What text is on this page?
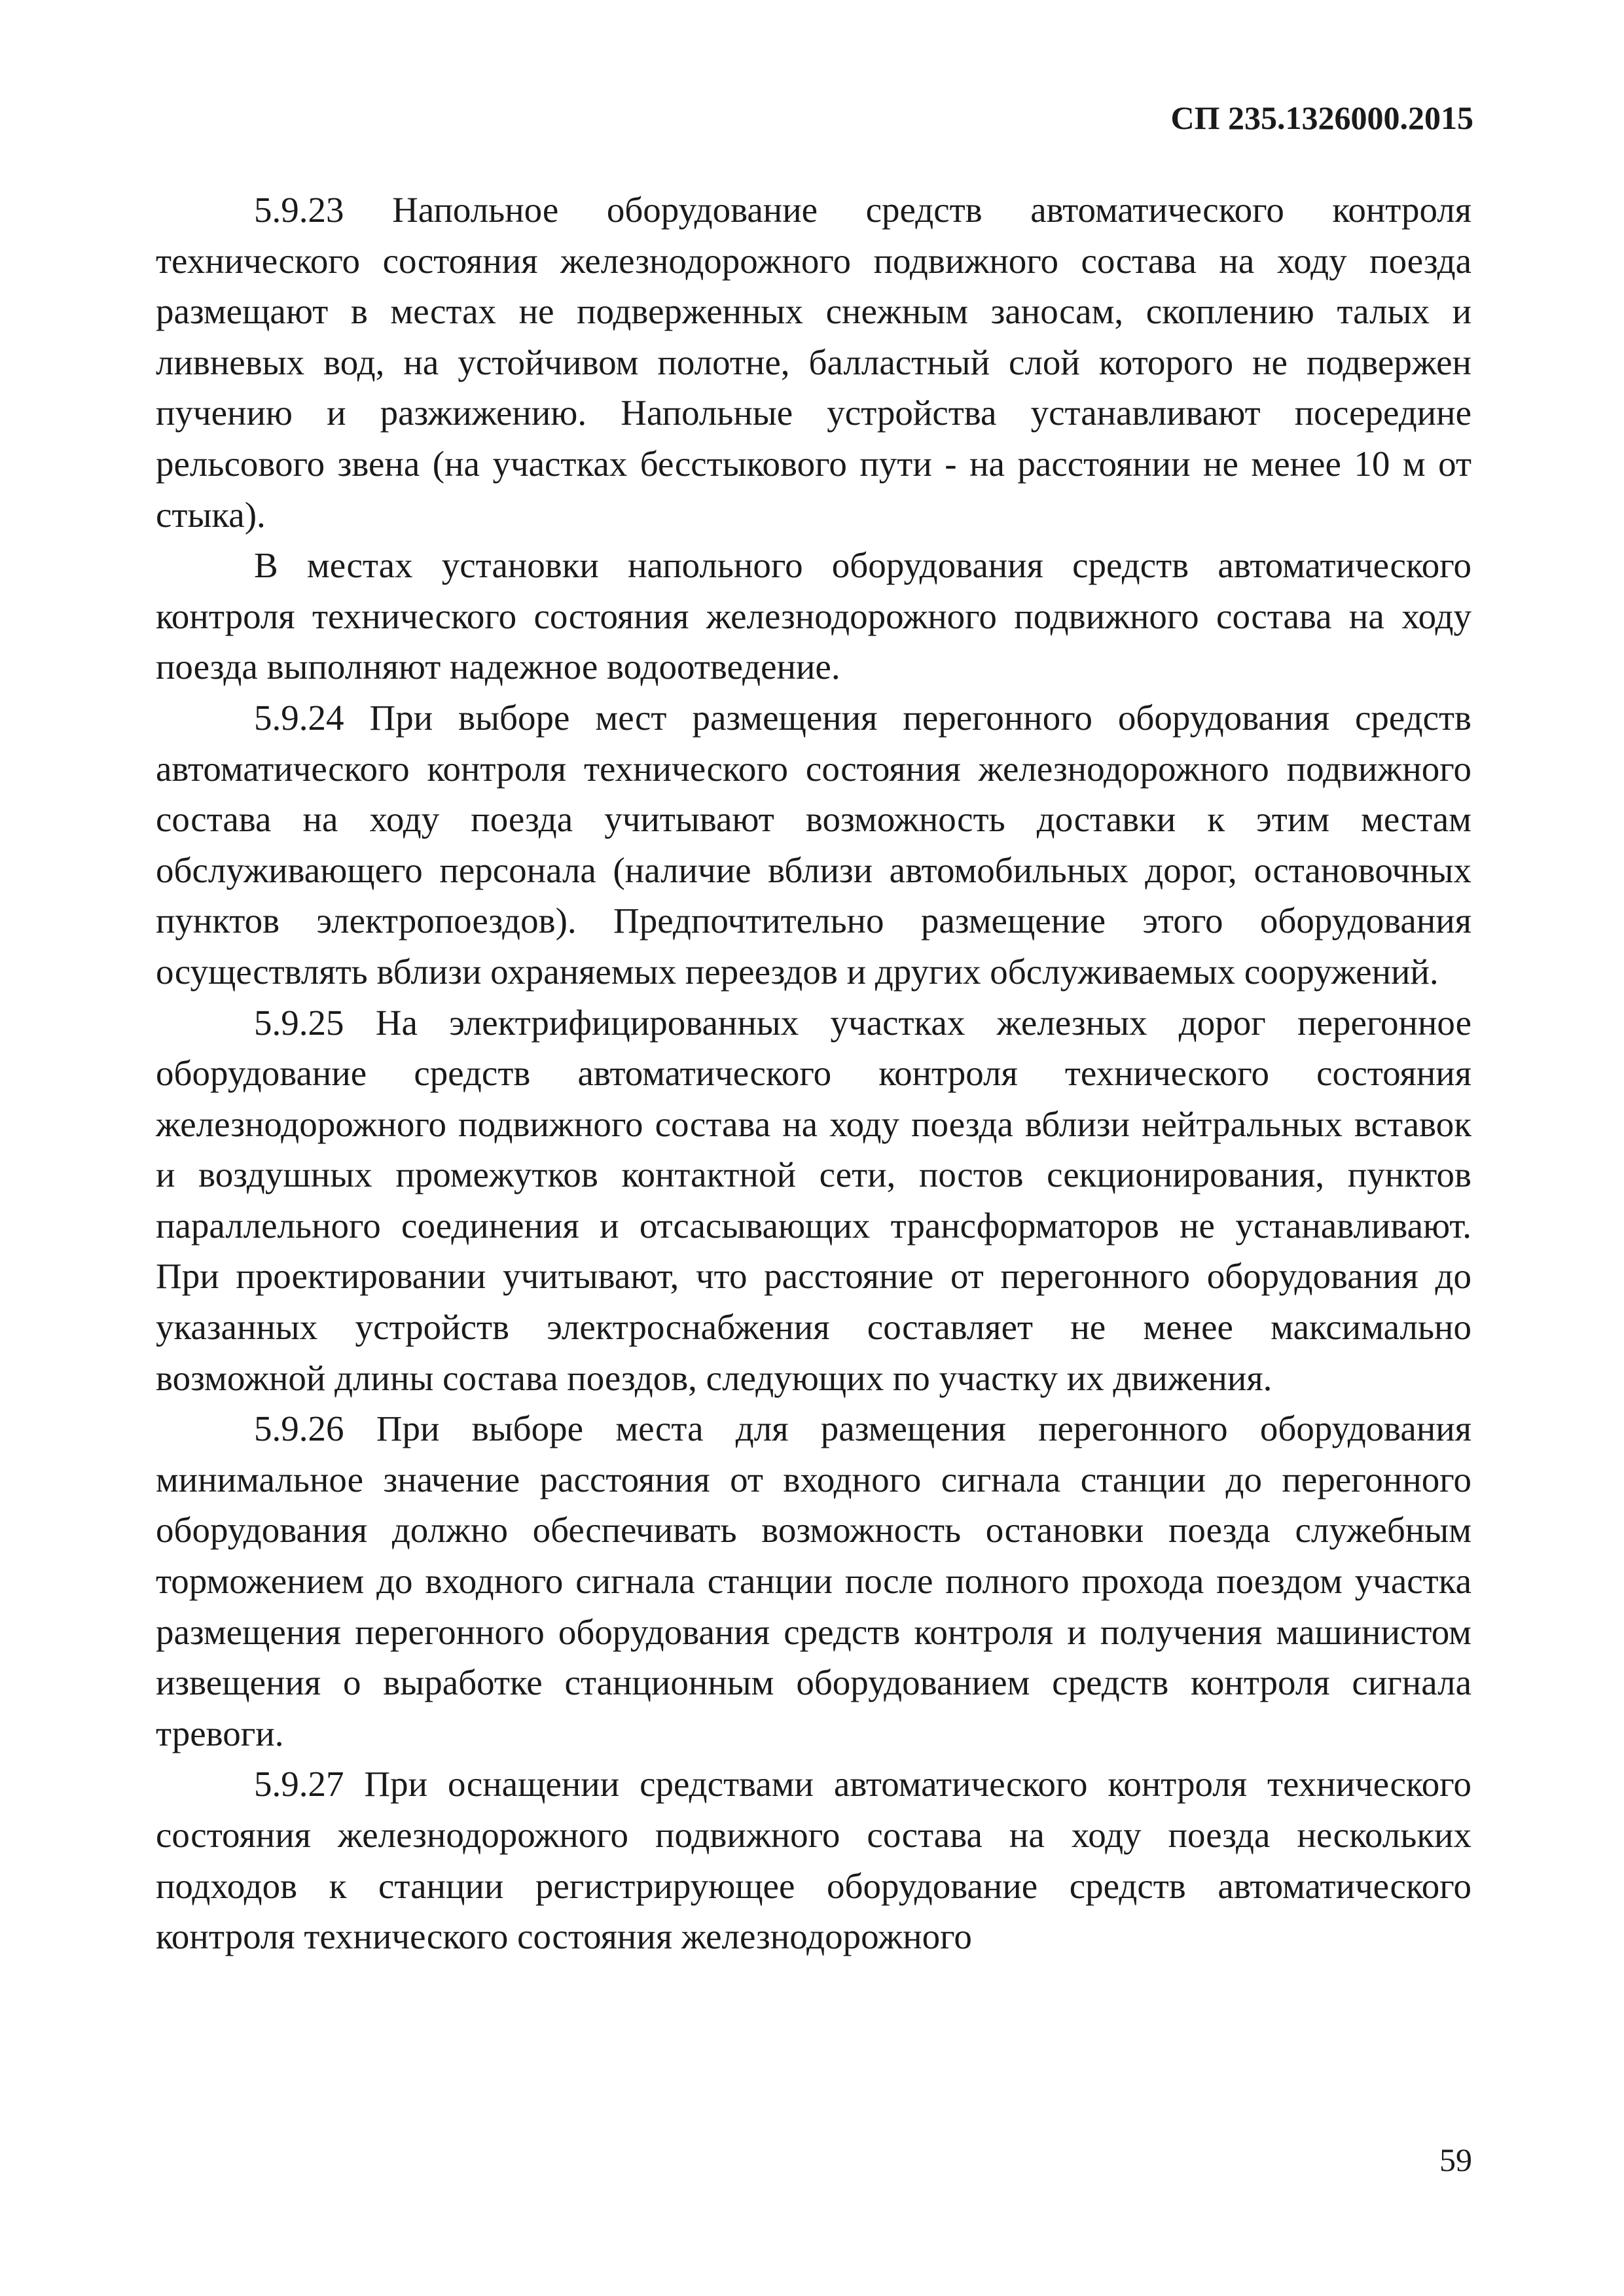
СП 235.1326000.2015

5.9.23 Напольное оборудование средств автоматического контроля технического состояния железнодорожного подвижного состава на ходу поезда размещают в местах не подверженных снежным заносам, скоплению талых и ливневых вод, на устойчивом полотне, балластный слой которого не подвержен пучению и разжижению. Напольные устройства устанавливают посередине рельсового звена (на участках бесстыкового пути - на расстоянии не менее 10 м от стыка).

В местах установки напольного оборудования средств автоматического контроля технического состояния железнодорожного подвижного состава на ходу поезда выполняют надежное водоотведение.

5.9.24 При выборе мест размещения перегонного оборудования средств автоматического контроля технического состояния железнодорожного подвижного состава на ходу поезда учитывают возможность доставки к этим местам обслуживающего персонала (наличие вблизи автомобильных дорог, остановочных пунктов электропоездов). Предпочтительно размещение этого оборудования осуществлять вблизи охраняемых переездов и других обслуживаемых сооружений.

5.9.25 На электрифицированных участках железных дорог перегонное оборудование средств автоматического контроля технического состояния железнодорожного подвижного состава на ходу поезда вблизи нейтральных вставок и воздушных промежутков контактной сети, постов секционирования, пунктов параллельного соединения и отсасывающих трансформаторов не устанавливают. При проектировании учитывают, что расстояние от перегонного оборудования до указанных устройств электроснабжения составляет не менее максимально возможной длины состава поездов, следующих по участку их движения.

5.9.26 При выборе места для размещения перегонного оборудования минимальное значение расстояния от входного сигнала станции до перегонного оборудования должно обеспечивать возможность остановки поезда служебным торможением до входного сигнала станции после полного прохода поездом участка размещения перегонного оборудования средств контроля и получения машинистом извещения о выработке станционным оборудованием средств контроля сигнала тревоги.

5.9.27 При оснащении средствами автоматического контроля технического состояния железнодорожного подвижного состава на ходу поезда нескольких подходов к станции регистрирующее оборудование средств автоматического контроля технического состояния железнодорожного

59
